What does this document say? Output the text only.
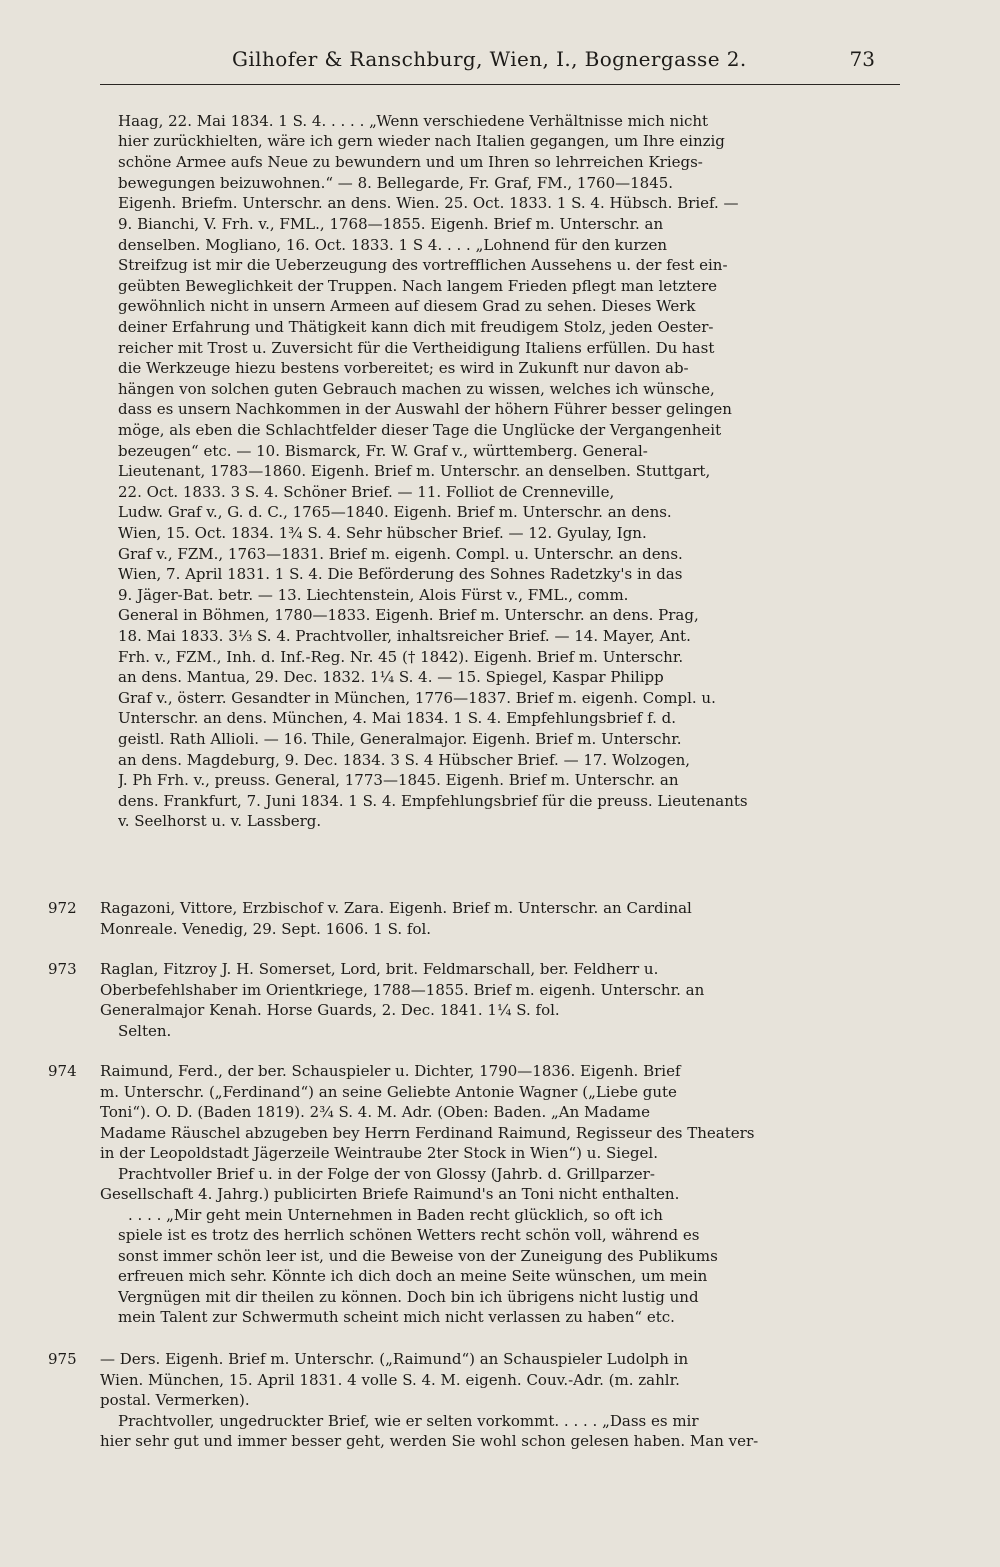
Gilhofer & Ranschburg, Wien, I., Bognergasse 2.	73
Haag, 22. Mai 1834. 1 S. 4. . . . . „Wenn verschiedene Verhältnisse mich nicht
hier zurückhielten, wäre ich gern wieder nach Italien gegangen, um Ihre einzig
schöne Armee aufs Neue zu bewundern und um Ihren so lehrreichen Kriegs-
bewegungen beizuwohnen.“ — 8. Bellegarde, Fr. Graf, FM., 1760—1845.
Eigenh. Briefm. Unterschr. an dens. Wien. 25. Oct. 1833. 1 S. 4. Hübsch. Brief. —
9. Bianchi, V. Frh. v., FML., 1768—1855. Eigenh. Brief m. Unterschr. an
denselben. Mogliano, 16. Oct. 1833. 1 S 4. . . . „Lohnend für den kurzen
Streifzug ist mir die Ueberzeugung des vortrefflichen Aussehens u. der fest ein-
geübten Beweglichkeit der Truppen. Nach langem Frieden pflegt man letztere
gewöhnlich nicht in unsern Armeen auf diesem Grad zu sehen. Dieses Werk
deiner Erfahrung und Thätigkeit kann dich mit freudigem Stolz, jeden Oester-
reicher mit Trost u. Zuversicht für die Vertheidigung Italiens erfüllen. Du hast
die Werkzeuge hiezu bestens vorbereitet; es wird in Zukunft nur davon ab-
hängen von solchen guten Gebrauch machen zu wissen, welches ich wünsche,
dass es unsern Nachkommen in der Auswahl der höhern Führer besser gelingen
möge, als eben die Schlachtfelder dieser Tage die Unglücke der Vergangenheit
bezeugen“ etc. — 10. Bismarck, Fr. W. Graf v., württemberg. General-
Lieutenant, 1783—1860. Eigenh. Brief m. Unterschr. an denselben. Stuttgart,
22. Oct. 1833. 3 S. 4. Schöner Brief. — 11. Folliot de Crenneville,
Ludw. Graf v., G. d. C., 1765—1840. Eigenh. Brief m. Unterschr. an dens.
Wien, 15. Oct. 1834. 1¾ S. 4. Sehr hübscher Brief. — 12. Gyulay, Ign.
Graf v., FZM., 1763—1831. Brief m. eigenh. Compl. u. Unterschr. an dens.
Wien, 7. April 1831. 1 S. 4. Die Beförderung des Sohnes Radetzky's in das
9. Jäger-Bat. betr. — 13. Liechtenstein, Alois Fürst v., FML., comm.
General in Böhmen, 1780—1833. Eigenh. Brief m. Unterschr. an dens. Prag,
18. Mai 1833. 3⅓ S. 4. Prachtvoller, inhaltsreicher Brief. — 14. Mayer, Ant.
Frh. v., FZM., Inh. d. Inf.-Reg. Nr. 45 († 1842). Eigenh. Brief m. Unterschr.
an dens. Mantua, 29. Dec. 1832. 1¼ S. 4. — 15. Spiegel, Kaspar Philipp
Graf v., österr. Gesandter in München, 1776—1837. Brief m. eigenh. Compl. u.
Unterschr. an dens. München, 4. Mai 1834. 1 S. 4. Empfehlungsbrief f. d.
geistl. Rath Allioli. — 16. Thile, Generalmajor. Eigenh. Brief m. Unterschr.
an dens. Magdeburg, 9. Dec. 1834. 3 S. 4 Hübscher Brief. — 17. Wolzogen,
J. Ph Frh. v., preuss. General, 1773—1845. Eigenh. Brief m. Unterschr. an
dens. Frankfurt, 7. Juni 1834. 1 S. 4. Empfehlungsbrief für die preuss. Lieutenants
v. Seelhorst u. v. Lassberg.
972	Ragazoni, Vittore, Erzbischof v. Zara. Eigenh. Brief m. Unterschr. an Cardinal
Monreale. Venedig, 29. Sept. 1606. 1 S. fol.
973	Raglan, Fitzroy J. H. Somerset, Lord, brit. Feldmarschall, ber. Feldherr u.
Oberbefehlshaber im Orientkriege, 1788—1855. Brief m. eigenh. Unterschr. an
Generalmajor Kenah. Horse Guards, 2. Dec. 1841. 1¼ S. fol.
Selten.
974	Raimund, Ferd., der ber. Schauspieler u. Dichter, 1790—1836. Eigenh. Brief
m. Unterschr. („Ferdinand“) an seine Geliebte Antonie Wagner („Liebe gute
Toni“). O. D. (Baden 1819). 2¾ S. 4. M. Adr. (Oben: Baden. „An Madame
Madame Räuschel abzugeben bey Herrn Ferdinand Raimund, Regisseur des Theaters
in der Leopoldstadt Jägerzeile Weintraube 2ter Stock in Wien“) u. Siegel.
Prachtvoller Brief u. in der Folge der von Glossy (Jahrb. d. Grillparzer-
Gesellschaft 4. Jahrg.) publicirten Briefe Raimund's an Toni nicht enthalten.
. . . . „Mir geht mein Unternehmen in Baden recht glücklich, so oft ich
spiele ist es trotz des herrlich schönen Wetters recht schön voll, während es
sonst immer schön leer ist, und die Beweise von der Zuneigung des Publikums
erfreuen mich sehr. Könnte ich dich doch an meine Seite wünschen, um mein
Vergnügen mit dir theilen zu können. Doch bin ich übrigens nicht lustig und
mein Talent zur Schwermuth scheint mich nicht verlassen zu haben“ etc.
975	— Ders. Eigenh. Brief m. Unterschr. („Raimund“) an Schauspieler Ludolph in
Wien. München, 15. April 1831. 4 volle S. 4. M. eigenh. Couv.-Adr. (m. zahlr.
postal. Vermerken).
Prachtvoller, ungedruckter Brief, wie er selten vorkommt. . . . . „Dass es mir
hier sehr gut und immer besser geht, werden Sie wohl schon gelesen haben. Man ver-
